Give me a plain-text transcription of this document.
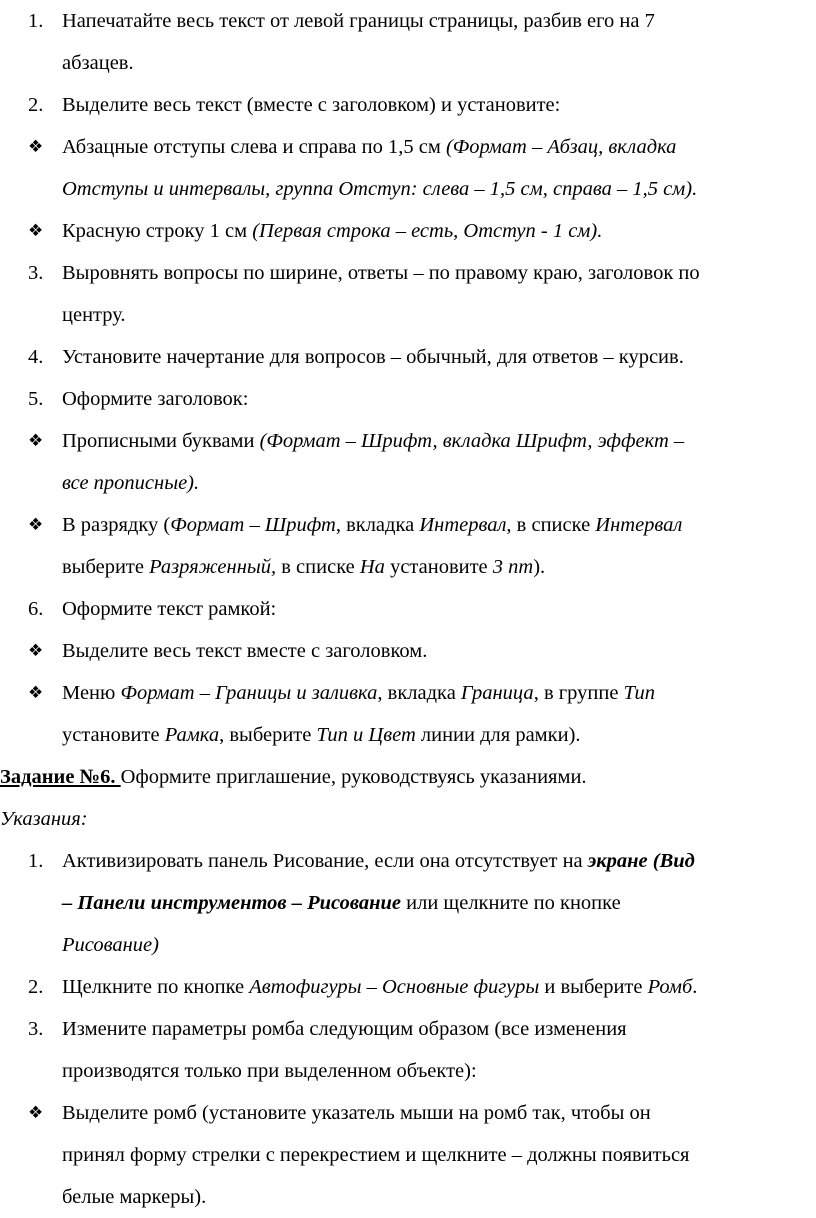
1. Напечатайте весь текст от левой границы страницы, разбив его на 7
абзацев.
2. Выделите весь текст (вместе с заголовком) и установите:
❖ Абзацные отступы слева и справа по 1,5 см (Формат – Абзац, вкладка
Отступы и интервалы, группа Отступ: слева – 1,5 см, справа – 1,5 см).
❖ Красную строку 1 см (Первая строка – есть, Отступ - 1 см).
3. Выровнять вопросы по ширине, ответы – по правому краю, заголовок по
центру.
4. Установите начертание для вопросов – обычный, для ответов – курсив.
5. Оформите заголовок:
❖ Прописными буквами (Формат – Шрифт, вкладка Шрифт, эффект –
все прописные).
❖ В разрядку (Формат – Шрифт, вкладка Интервал, в списке Интервал
выберите Разряженный, в списке На установите 3 пт).
6. Оформите текст рамкой:
❖ Выделите весь текст вместе с заголовком.
❖ Меню Формат – Границы и заливка, вкладка Граница, в группе Тип
установите Рамка, выберите Тип и Цвет линии для рамки).
Задание №6. Оформите приглашение, руководствуясь указаниями.
Указания:
1. Активизировать панель Рисование, если она отсутствует на экране (Вид
– Панели инструментов – Рисование или щелкните по кнопке
Рисование)
2. Щелкните по кнопке Автофигуры – Основные фигуры и выберите Ромб.
3. Измените параметры ромба следующим образом (все изменения
производятся только при выделенном объекте):
❖ Выделите ромб (установите указатель мыши на ромб так, чтобы он
принял форму стрелки с перекрестием и щелкните – должны появиться
белые маркеры).
